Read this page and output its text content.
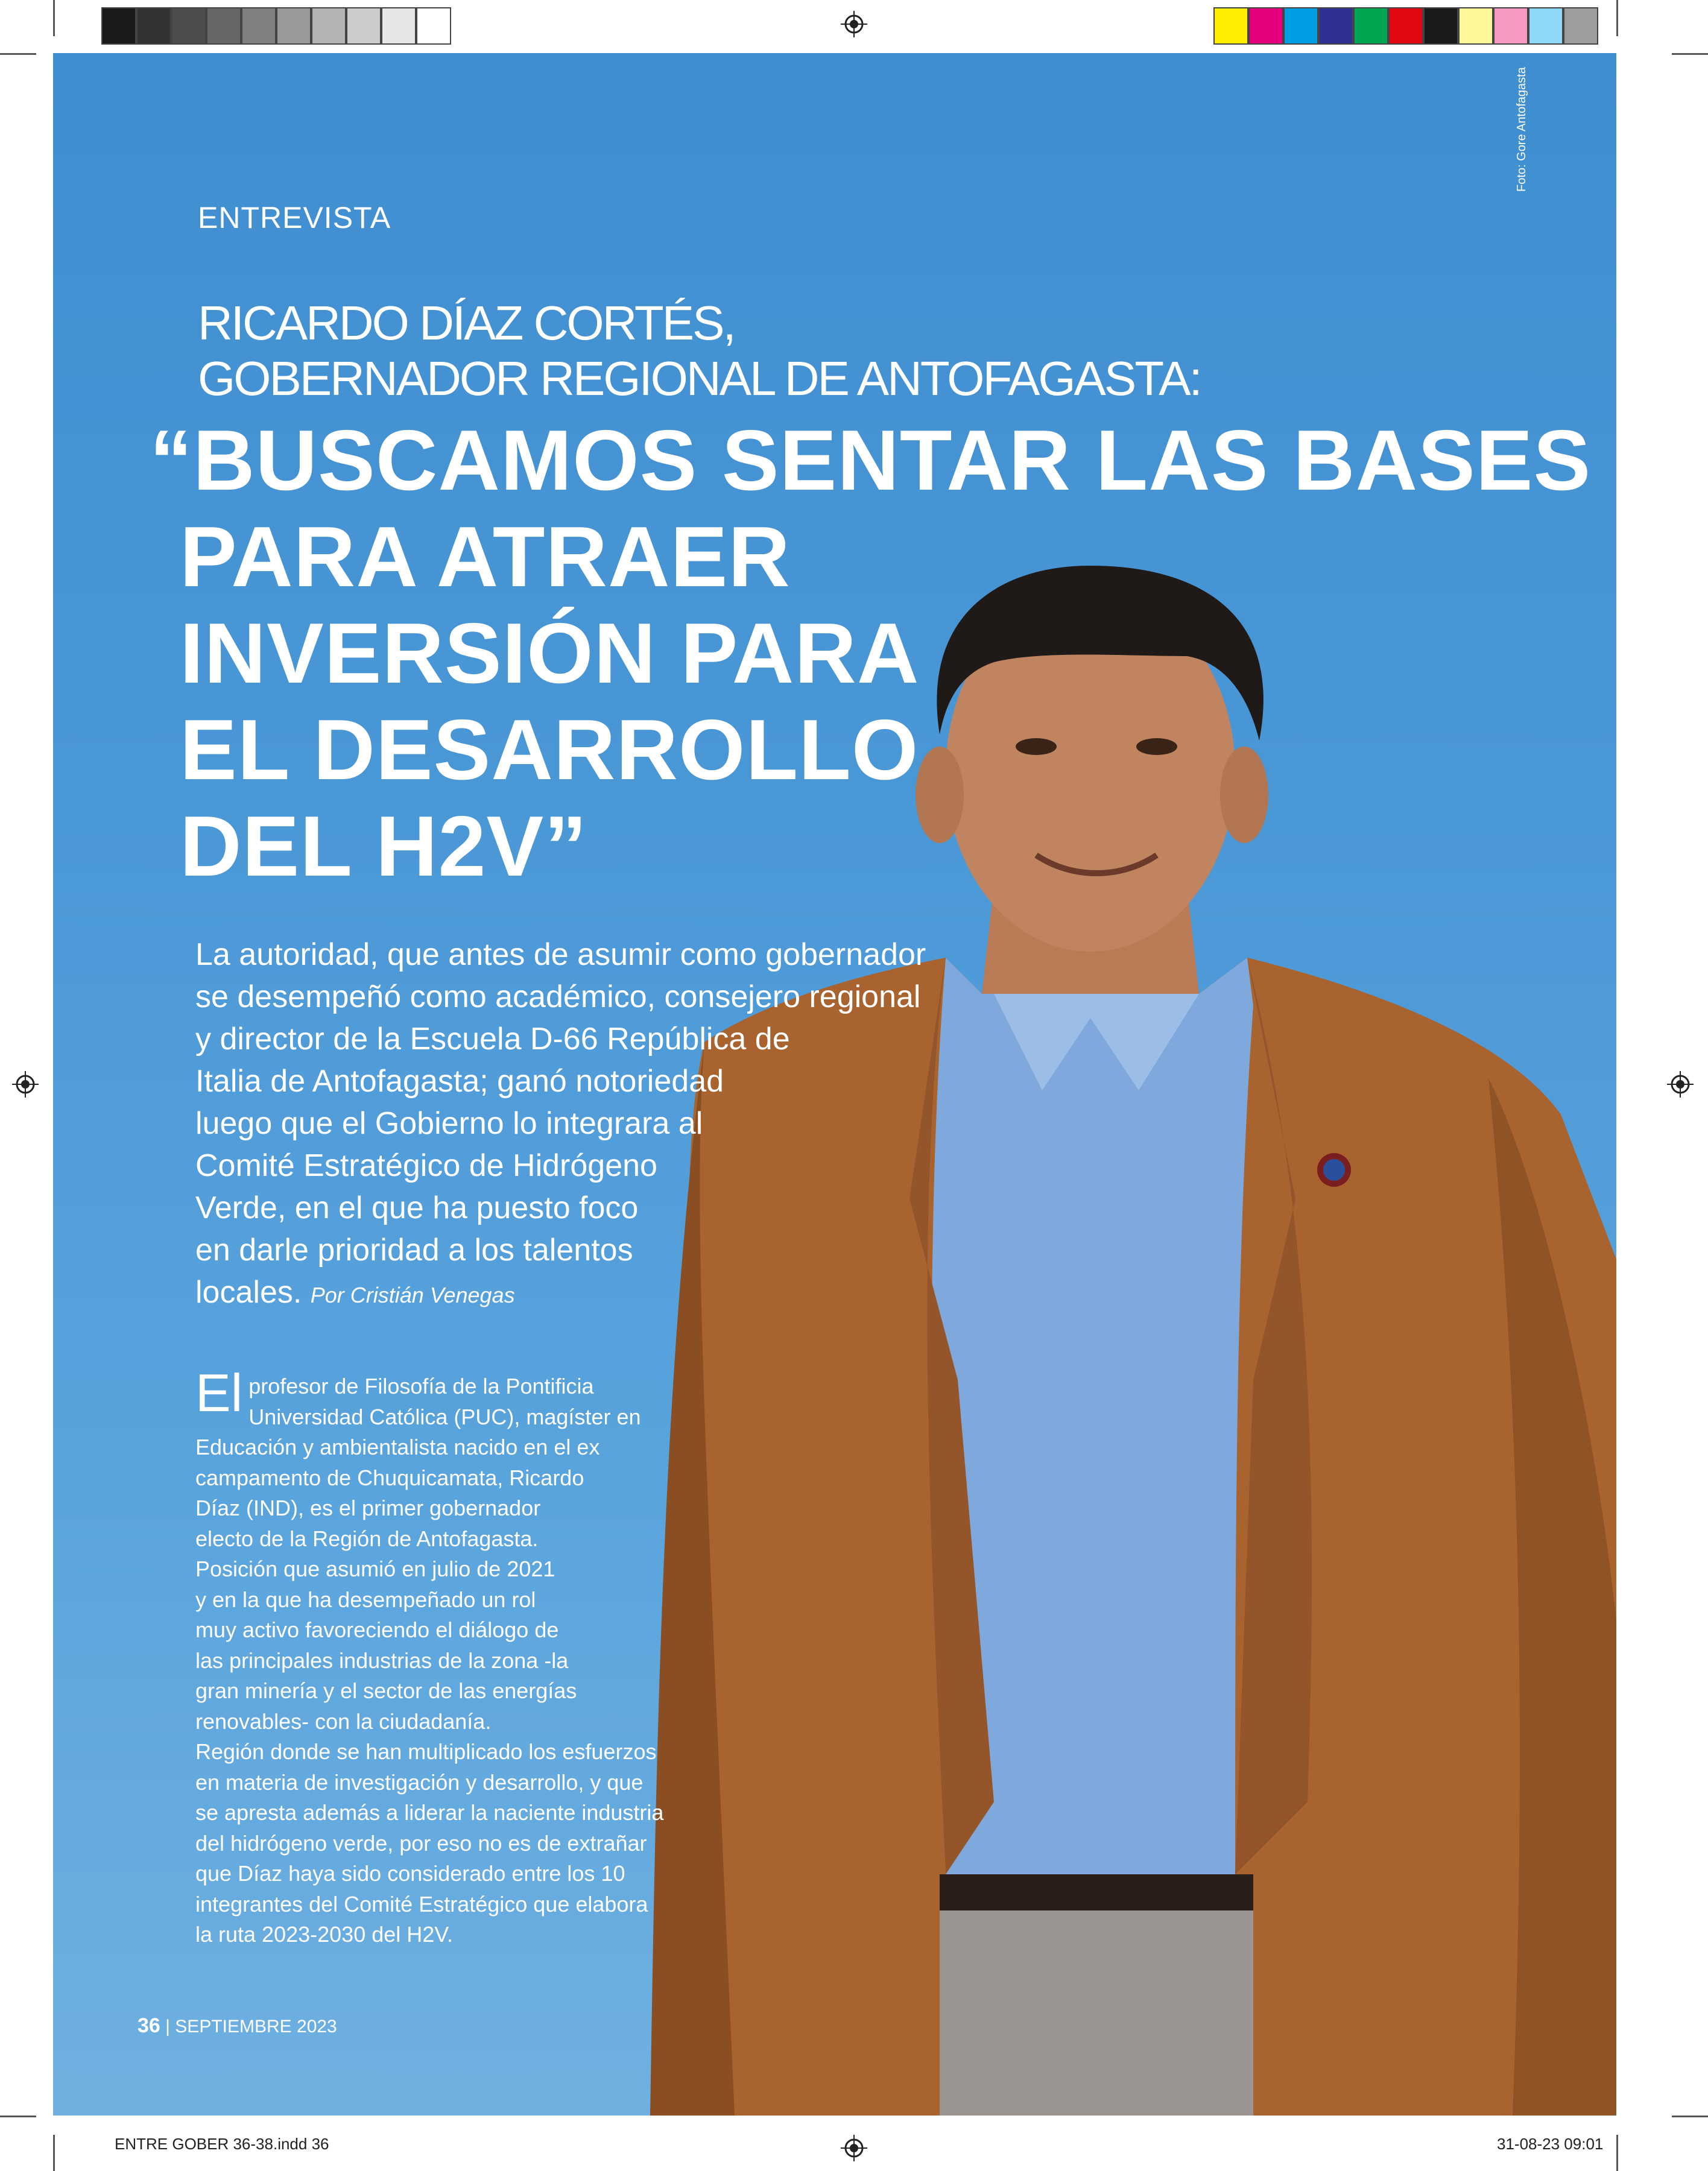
ENTRE GOBER 36-38.indd 36	31-08-23 09:01
Foto: Gore Antofagasta
ENTREVISTA
RICARDO DÍAZ CORTÉS,
GOBERNADOR REGIONAL DE ANTOFAGASTA:
“BUSCAMOS SENTAR LAS BASES
PARA ATRAER
INVERSIÓN PARA
EL DESARROLLO
DEL H2V”
La autoridad, que antes de asumir como gobernador
se desempeñó como académico, consejero regional
y director de la Escuela D-66 República de
Italia de Antofagasta; ganó notoriedad
luego que el Gobierno lo integrara al
Comité Estratégico de Hidrógeno
Verde, en el que ha puesto foco
en darle prioridad a los talentos
locales. Por Cristián Venegas
El profesor de Filosofía de la Pontificia
Universidad Católica (PUC), magíster en
Educación y ambientalista nacido en el ex
campamento de Chuquicamata, Ricardo
Díaz (IND), es el primer gobernador
electo de la Región de Antofagasta.
Posición que asumió en julio de 2021
y en la que ha desempeñado un rol
muy activo favoreciendo el diálogo de
las principales industrias de la zona -la
gran minería y el sector de las energías
renovables- con la ciudadanía.
Región donde se han multiplicado los esfuerzos
en materia de investigación y desarrollo, y que
se apresta además a liderar la naciente industria
del hidrógeno verde, por eso no es de extrañar
que Díaz haya sido considerado entre los 10
integrantes del Comité Estratégico que elabora
la ruta 2023-2030 del H2V.
36 | SEPTIEMBRE 2023
